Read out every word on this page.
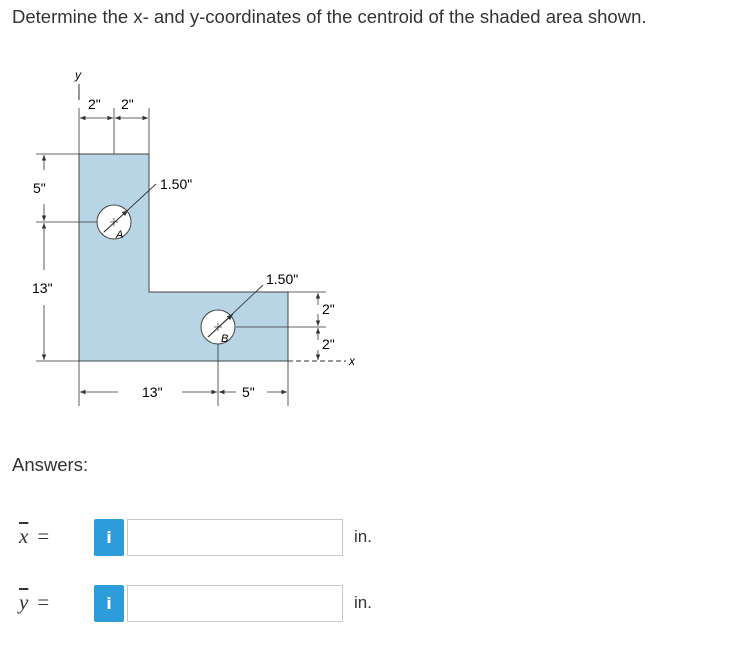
Determine the x- and y-coordinates of the centroid of the shaded area shown.
y
2" 2"
5"
13"
1.50"
A
1.50"
B
2"
2"
x
13"	5"
Answers:
$\overline{x}$ =	i	in.
$\overline{y}$ =	i	in.
